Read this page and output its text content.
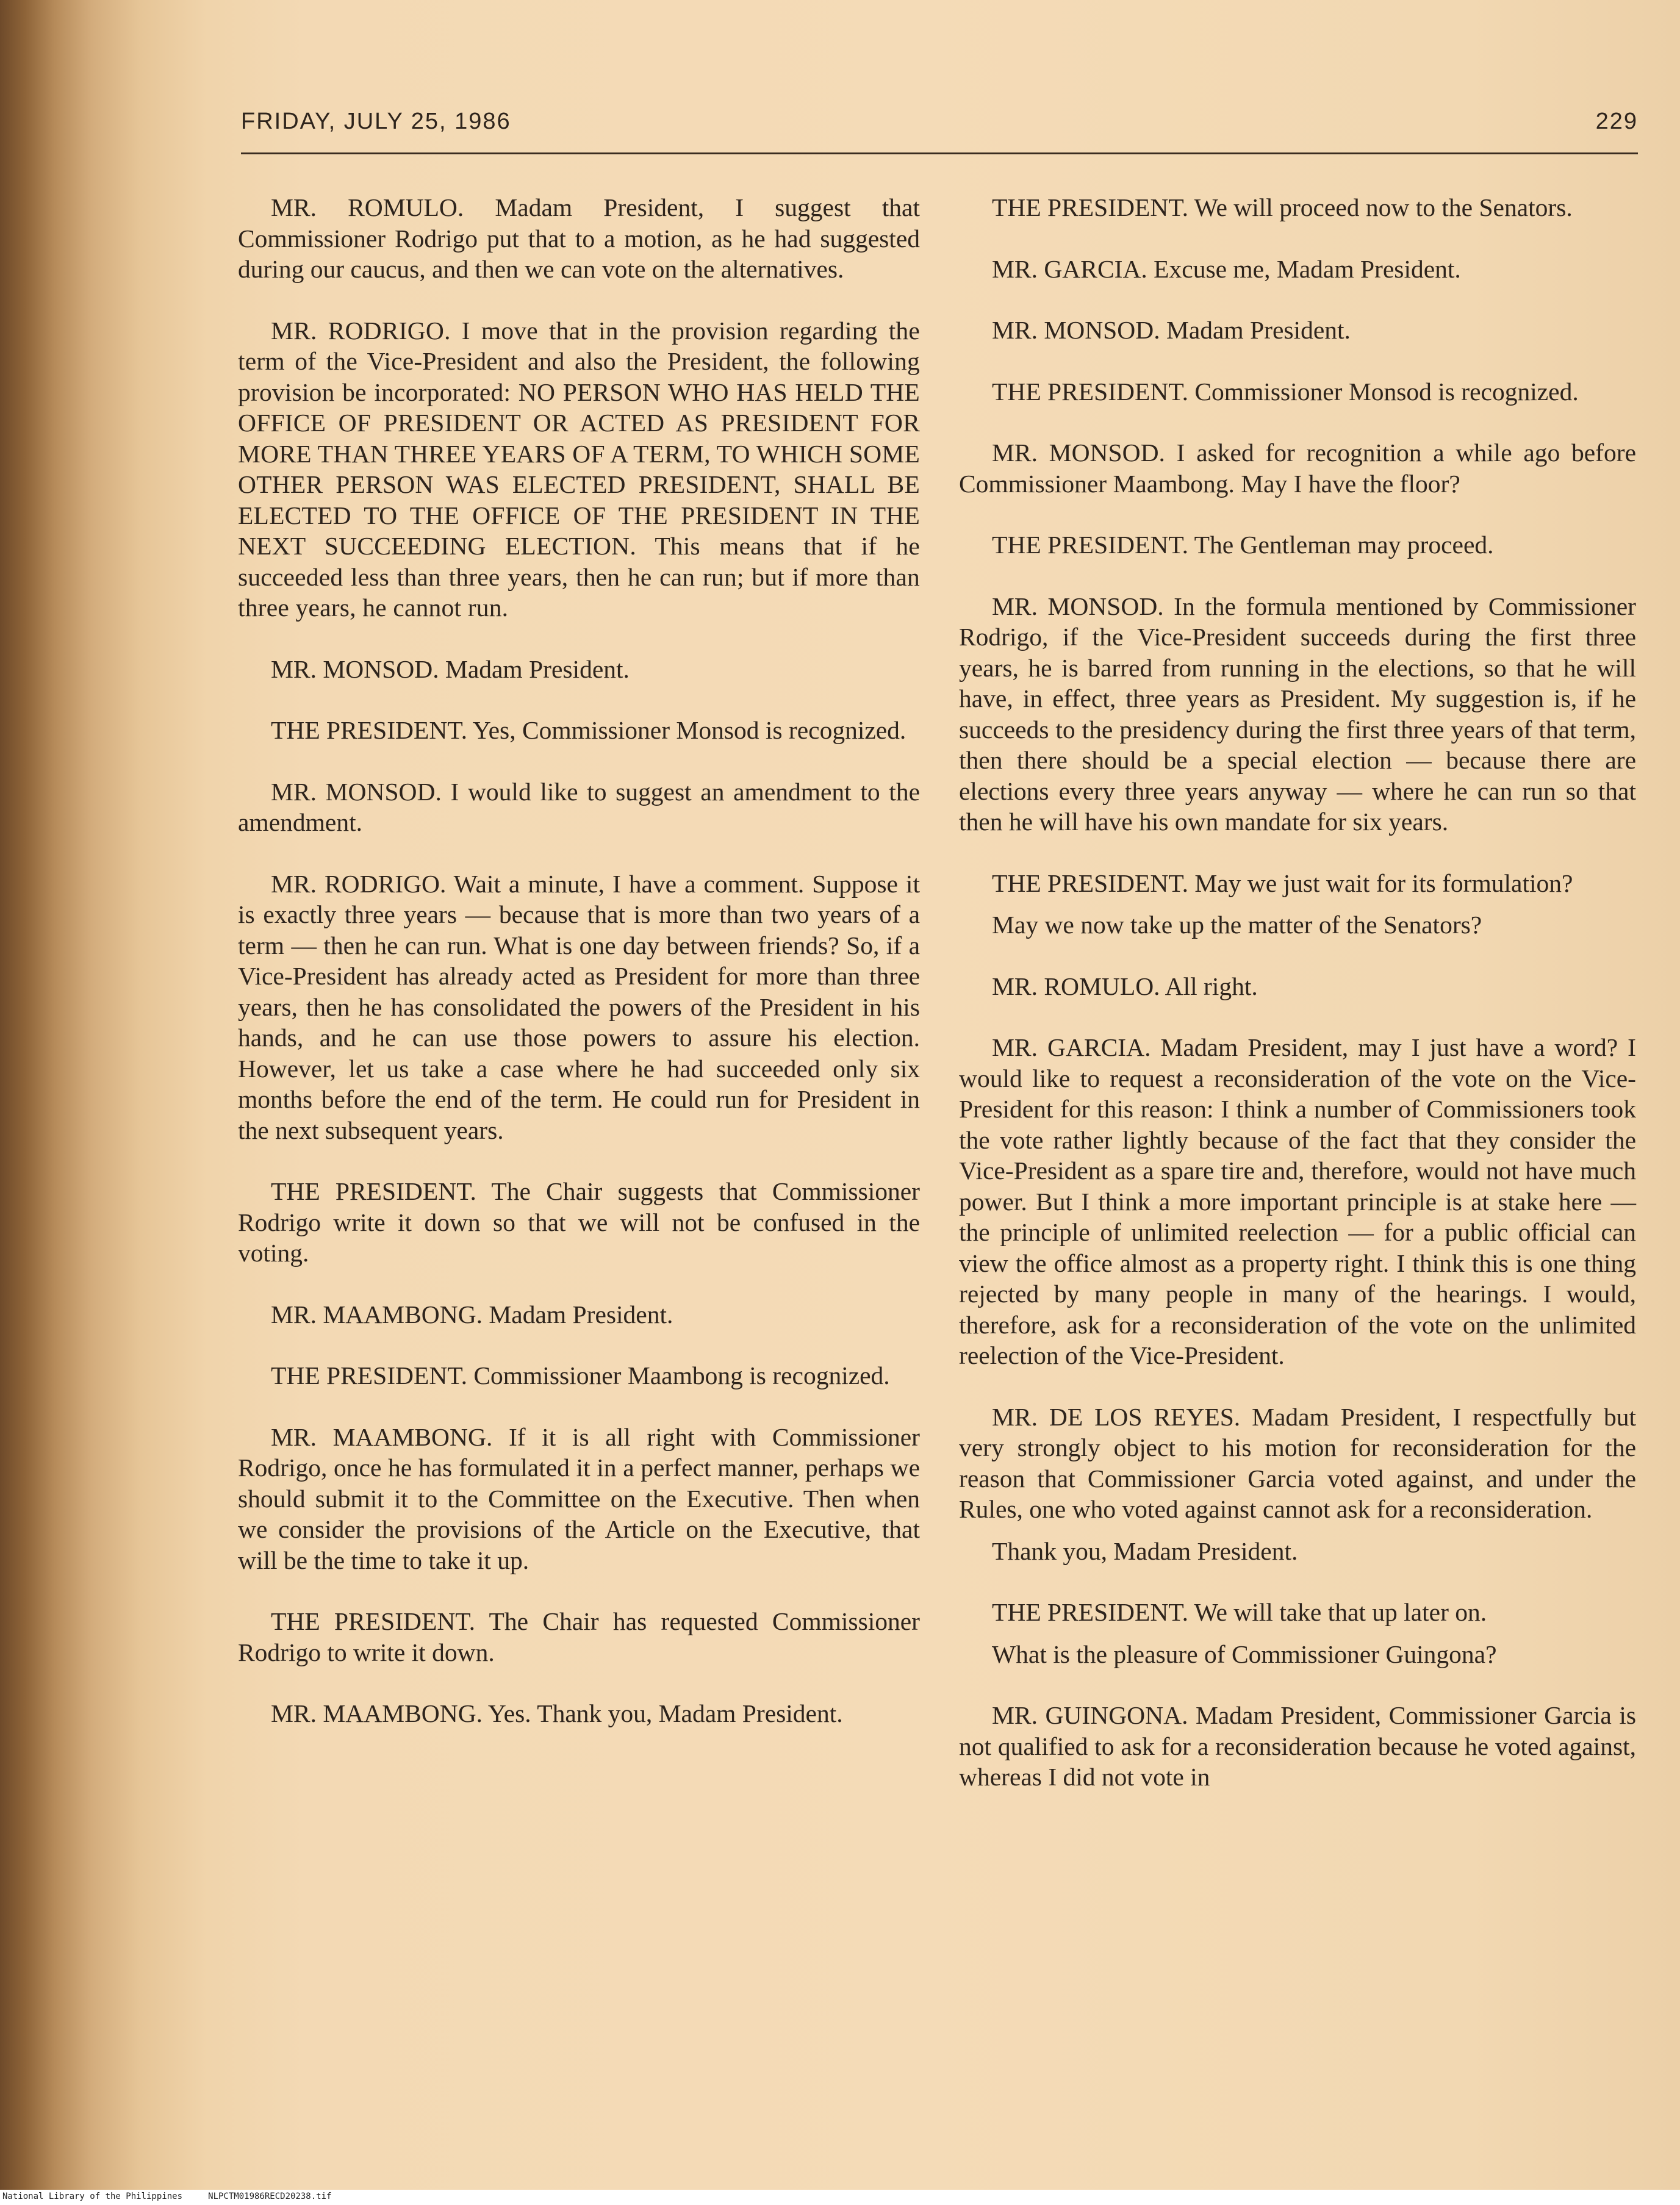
FRIDAY, JULY 25, 1986	229

MR. ROMULO. Madam President, I suggest that Commissioner Rodrigo put that to a motion, as he had suggested during our caucus, and then we can vote on the alternatives.

MR. RODRIGO. I move that in the provision regarding the term of the Vice-President and also the President, the following provision be incorporated: NO PERSON WHO HAS HELD THE OFFICE OF PRESIDENT OR ACTED AS PRESIDENT FOR MORE THAN THREE YEARS OF A TERM, TO WHICH SOME OTHER PERSON WAS ELECTED PRESIDENT, SHALL BE ELECTED TO THE OFFICE OF THE PRESIDENT IN THE NEXT SUCCEEDING ELECTION. This means that if he succeeded less than three years, then he can run; but if more than three years, he cannot run.

MR. MONSOD. Madam President.

THE PRESIDENT. Yes, Commissioner Monsod is recognized.

MR. MONSOD. I would like to suggest an amendment to the amendment.

MR. RODRIGO. Wait a minute, I have a comment. Suppose it is exactly three years — because that is more than two years of a term — then he can run. What is one day between friends? So, if a Vice-President has already acted as President for more than three years, then he has consolidated the powers of the President in his hands, and he can use those powers to assure his election. However, let us take a case where he had succeeded only six months before the end of the term. He could run for President in the next subsequent years.

THE PRESIDENT. The Chair suggests that Commissioner Rodrigo write it down so that we will not be confused in the voting.

MR. MAAMBONG. Madam President.

THE PRESIDENT. Commissioner Maambong is recognized.

MR. MAAMBONG. If it is all right with Commissioner Rodrigo, once he has formulated it in a perfect manner, perhaps we should submit it to the Committee on the Executive. Then when we consider the provisions of the Article on the Executive, that will be the time to take it up.

THE PRESIDENT. The Chair has requested Commissioner Rodrigo to write it down.

MR. MAAMBONG. Yes. Thank you, Madam President.

THE PRESIDENT. We will proceed now to the Senators.

MR. GARCIA. Excuse me, Madam President.

MR. MONSOD. Madam President.

THE PRESIDENT. Commissioner Monsod is recognized.

MR. MONSOD. I asked for recognition a while ago before Commissioner Maambong. May I have the floor?

THE PRESIDENT. The Gentleman may proceed.

MR. MONSOD. In the formula mentioned by Commissioner Rodrigo, if the Vice-President succeeds during the first three years, he is barred from running in the elections, so that he will have, in effect, three years as President. My suggestion is, if he succeeds to the presidency during the first three years of that term, then there should be a special election — because there are elections every three years anyway — where he can run so that then he will have his own mandate for six years.

THE PRESIDENT. May we just wait for its formulation?

May we now take up the matter of the Senators?

MR. ROMULO. All right.

MR. GARCIA. Madam President, may I just have a word? I would like to request a reconsideration of the vote on the Vice-President for this reason: I think a number of Commissioners took the vote rather lightly because of the fact that they consider the Vice-President as a spare tire and, therefore, would not have much power. But I think a more important principle is at stake here — the principle of unlimited reelection — for a public official can view the office almost as a property right. I think this is one thing rejected by many people in many of the hearings. I would, therefore, ask for a reconsideration of the vote on the unlimited reelection of the Vice-President.

MR. DE LOS REYES. Madam President, I respectfully but very strongly object to his motion for reconsideration for the reason that Commissioner Garcia voted against, and under the Rules, one who voted against cannot ask for a reconsideration.

Thank you, Madam President.

THE PRESIDENT. We will take that up later on.

What is the pleasure of Commissioner Guingona?

MR. GUINGONA. Madam President, Commissioner Garcia is not qualified to ask for a reconsideration because he voted against, whereas I did not vote in

National Library of the Philippines     NLPCTM01986RECD20238.tif
